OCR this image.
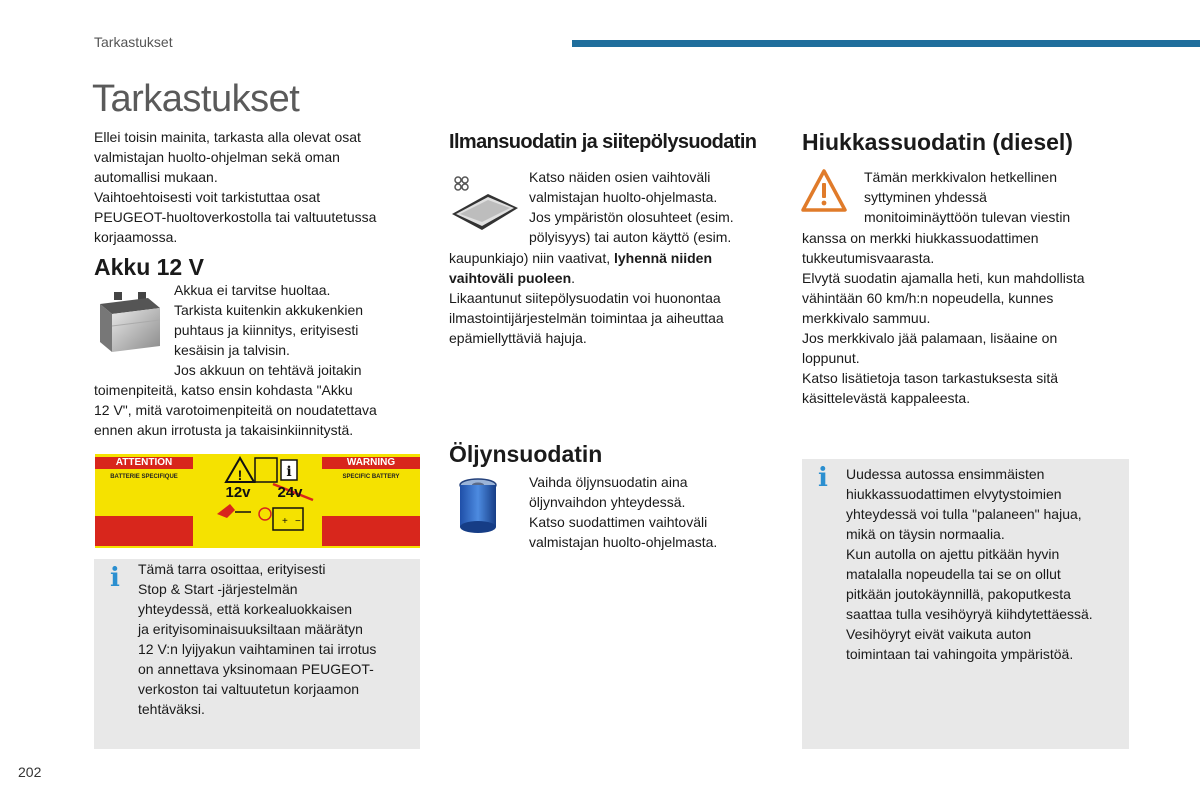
Tarkastukset
Tarkastukset

Ellei toisin mainita, tarkasta alla olevat osat

valmistajan huolto-ohjelman sekä oman

automallisi mukaan.

Vaihtoehtoisesti voit tarkistuttaa osat

PEUGEOT-huoltoverkostolla tai valtuutetussa

korjaamossa.

Akku 12 V

Akkua ei tarvitse huoltaa.

Tarkista kuitenkin akkukenkien

puhtaus ja kiinnitys, erityisesti

kesäisin ja talvisin.

Jos akkuun on tehtävä joitakin

toimenpiteitä, katso ensin kohdasta "Akku

12 V", mitä varotoimenpiteitä on noudatettava

ennen akun irrotusta ja takaisinkiinnitystä.

!	i
+ −
ATTENTION	WARNING
BATTERIE SPECIFIQUE	SPECIFIC BATTERY
12v	24v
i Tämä tarra osoittaa, erityisesti

Stop & Start -järjestelmän

yhteydessä, että korkealuokkaisen

ja erityisominaisuuksiltaan määrätyn

12 V:n lyijyakun vaihtaminen tai irrotus

on annettava yksinomaan PEUGEOT-

verkoston tai valtuutetun korjaamon

tehtäväksi.

Ilmansuodatin ja siitepölysuodatin

Katso näiden osien vaihtoväli

valmistajan huolto-ohjelmasta.

Jos ympäristön olosuhteet (esim.

pölyisyys) tai auton käyttö (esim.

kaupunkiajo) niin vaativat, lyhennä niiden

vaihtoväli puoleen.

Likaantunut siitepölysuodatin voi huonontaa

ilmastointijärjestelmän toimintaa ja aiheuttaa

epämiellyttäviä hajuja.

Öljynsuodatin

Vaihda öljynsuodatin aina

öljynvaihdon yhteydessä.

Katso suodattimen vaihtoväli

valmistajan huolto-ohjelmasta.

Hiukkassuodatin (diesel)

Tämän merkkivalon hetkellinen

syttyminen yhdessä

monitoiminäyttöön tulevan viestin

kanssa on merkki hiukkassuodattimen

tukkeutumisvaarasta.

Elvytä suodatin ajamalla heti, kun mahdollista

vähintään 60 km/h:n nopeudella, kunnes

merkkivalo sammuu.

Jos merkkivalo jää palamaan, lisäaine on

loppunut.

Katso lisätietoja tason tarkastuksesta sitä

käsittelevästä kappaleesta.

i Uudessa autossa ensimmäisten

hiukkassuodattimen elvytystoimien

yhteydessä voi tulla "palaneen" hajua,

mikä on täysin normaalia.

Kun autolla on ajettu pitkään hyvin

matalalla nopeudella tai se on ollut

pitkään joutokäynnillä, pakoputkesta

saattaa tulla vesihöyryä kiihdytettäessä.

Vesihöyryt eivät vaikuta auton

toimintaan tai vahingoita ympäristöä.

202
